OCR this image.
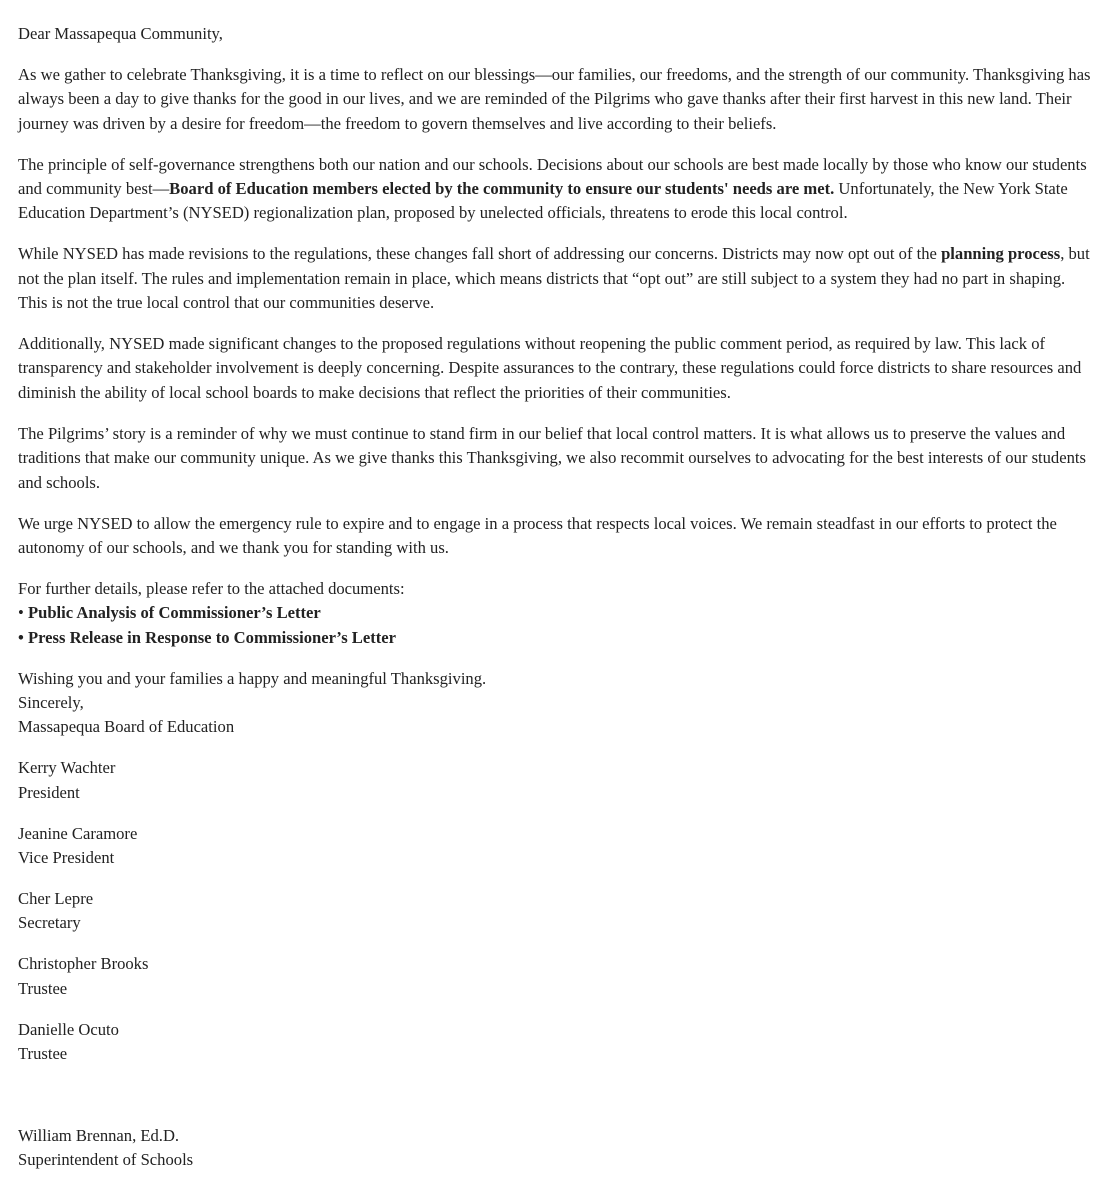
Dear Massapequa Community,

As we gather to celebrate Thanksgiving, it is a time to reflect on our blessings—our families, our freedoms, and the strength of our community. Thanksgiving has always been a day to give thanks for the good in our lives, and we are reminded of the Pilgrims who gave thanks after their first harvest in this new land. Their journey was driven by a desire for freedom—the freedom to govern themselves and live according to their beliefs.

The principle of self-governance strengthens both our nation and our schools. Decisions about our schools are best made locally by those who know our students and community best—Board of Education members elected by the community to ensure our students' needs are met. Unfortunately, the New York State Education Department’s (NYSED) regionalization plan, proposed by unelected officials, threatens to erode this local control.

While NYSED has made revisions to the regulations, these changes fall short of addressing our concerns. Districts may now opt out of the planning process, but not the plan itself. The rules and implementation remain in place, which means districts that “opt out” are still subject to a system they had no part in shaping. This is not the true local control that our communities deserve.

Additionally, NYSED made significant changes to the proposed regulations without reopening the public comment period, as required by law. This lack of transparency and stakeholder involvement is deeply concerning. Despite assurances to the contrary, these regulations could force districts to share resources and diminish the ability of local school boards to make decisions that reflect the priorities of their communities.

The Pilgrims’ story is a reminder of why we must continue to stand firm in our belief that local control matters. It is what allows us to preserve the values and traditions that make our community unique. As we give thanks this Thanksgiving, we also recommit ourselves to advocating for the best interests of our students and schools.

We urge NYSED to allow the emergency rule to expire and to engage in a process that respects local voices. We remain steadfast in our efforts to protect the autonomy of our schools, and we thank you for standing with us.

For further details, please refer to the attached documents:
• Public Analysis of Commissioner’s Letter
• Press Release in Response to Commissioner’s Letter

Wishing you and your families a happy and meaningful Thanksgiving.
Sincerely,
Massapequa Board of Education

Kerry Wachter
President

Jeanine Caramore
Vice President

Cher Lepre
Secretary

Christopher Brooks
Trustee

Danielle Ocuto
Trustee

William Brennan, Ed.D.
Superintendent of Schools
